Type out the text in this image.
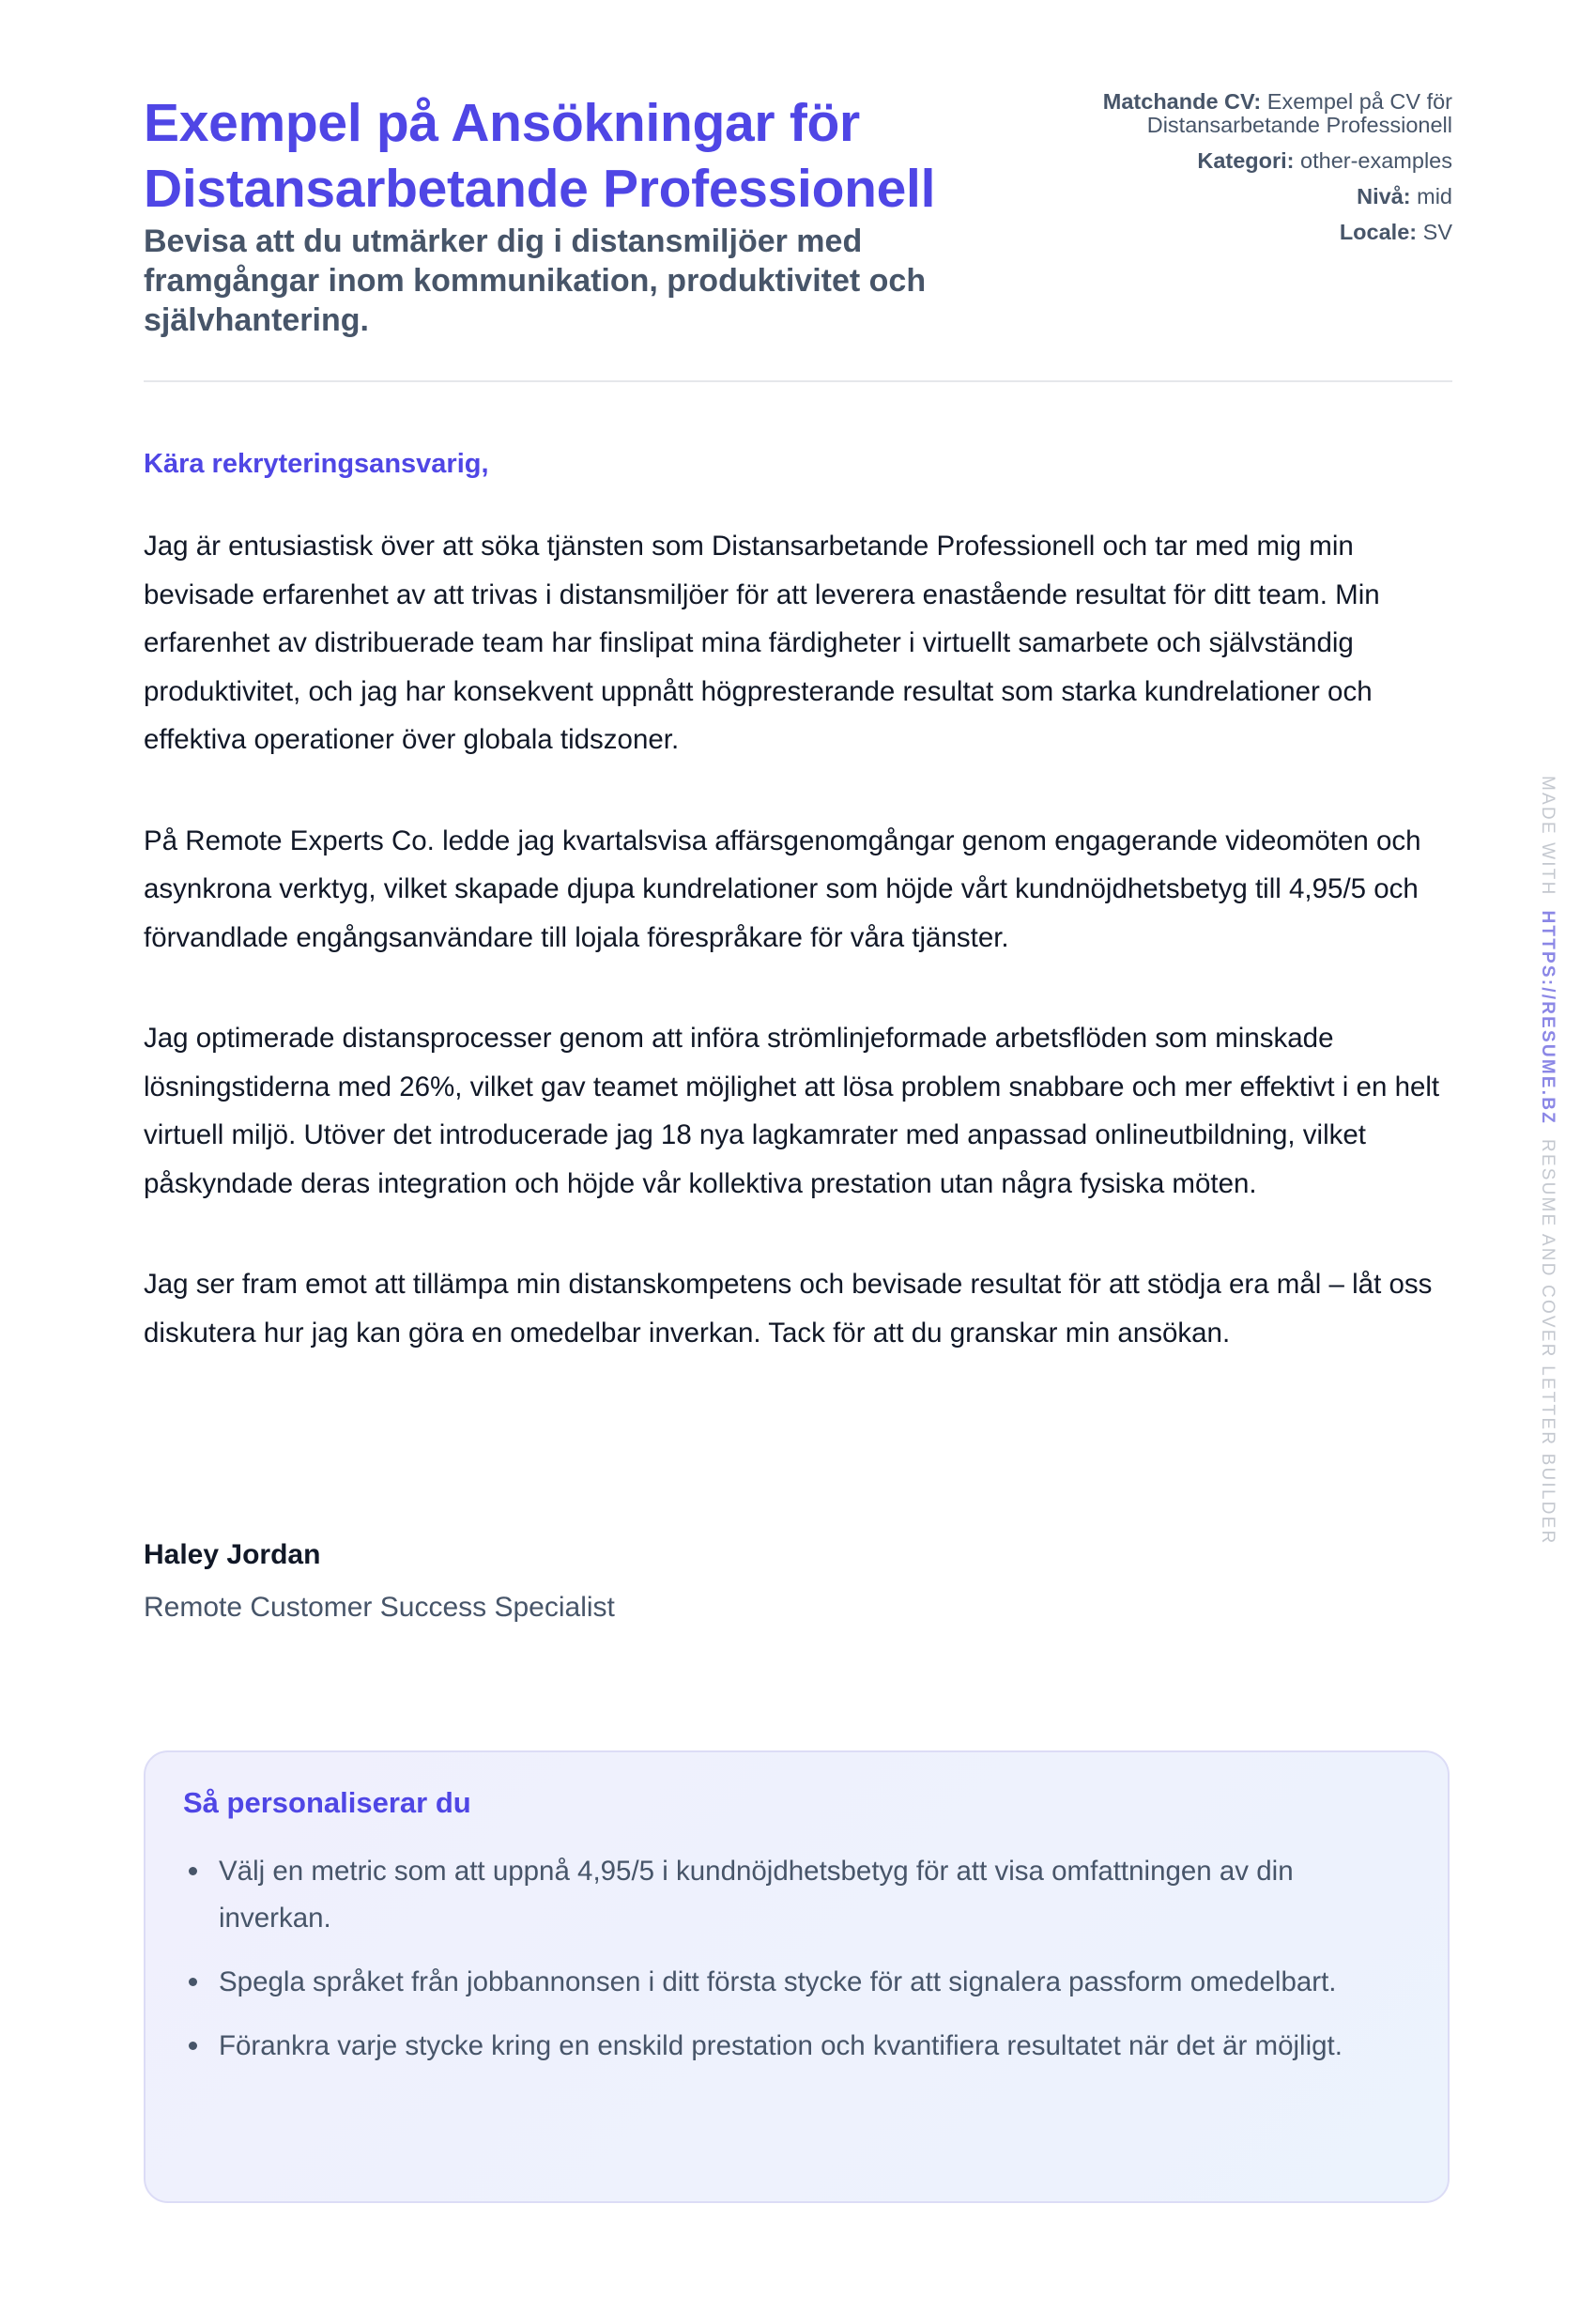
Exempel på Ansökningar för Distansarbetande Professionell
Bevisa att du utmärker dig i distansmiljöer med framgångar inom kommunikation, produktivitet och självhantering.
Matchande CV: Exempel på CV för Distansarbetande Professionell
Kategori: other-examples
Nivå: mid
Locale: SV

Kära rekryteringsansvarig,

Jag är entusiastisk över att söka tjänsten som Distansarbetande Professionell och tar med mig min bevisade erfarenhet av att trivas i distansmiljöer för att leverera enastående resultat för ditt team. Min erfarenhet av distribuerade team har finslipat mina färdigheter i virtuellt samarbete och självständig produktivitet, och jag har konsekvent uppnått högpresterande resultat som starka kundrelationer och effektiva operationer över globala tidszoner.

På Remote Experts Co. ledde jag kvartalsvisa affärsgenomgångar genom engagerande videomöten och asynkrona verktyg, vilket skapade djupa kundrelationer som höjde vårt kundnöjdhetsbetyg till 4,95/5 och förvandlade engångsanvändare till lojala förespråkare för våra tjänster.

Jag optimerade distansprocesser genom att införa strömlinjeformade arbetsflöden som minskade lösningstiderna med 26%, vilket gav teamet möjlighet att lösa problem snabbare och mer effektivt i en helt virtuell miljö. Utöver det introducerade jag 18 nya lagkamrater med anpassad onlineutbildning, vilket påskyndade deras integration och höjde vår kollektiva prestation utan några fysiska möten.

Jag ser fram emot att tillämpa min distanskompetens och bevisade resultat för att stödja era mål – låt oss diskutera hur jag kan göra en omedelbar inverkan. Tack för att du granskar min ansökan.

Haley Jordan

Remote Customer Success Specialist

Så personaliserar du
Välj en metric som att uppnå 4,95/5 i kundnöjdhetsbetyg för att visa omfattningen av din inverkan.
Spegla språket från jobbannonsen i ditt första stycke för att signalera passform omedelbart.
Förankra varje stycke kring en enskild prestation och kvantifiera resultatet när det är möjligt.
MADE WITH  HTTPS://RESUME.BZ  RESUME AND COVER LETTER BUILDER
